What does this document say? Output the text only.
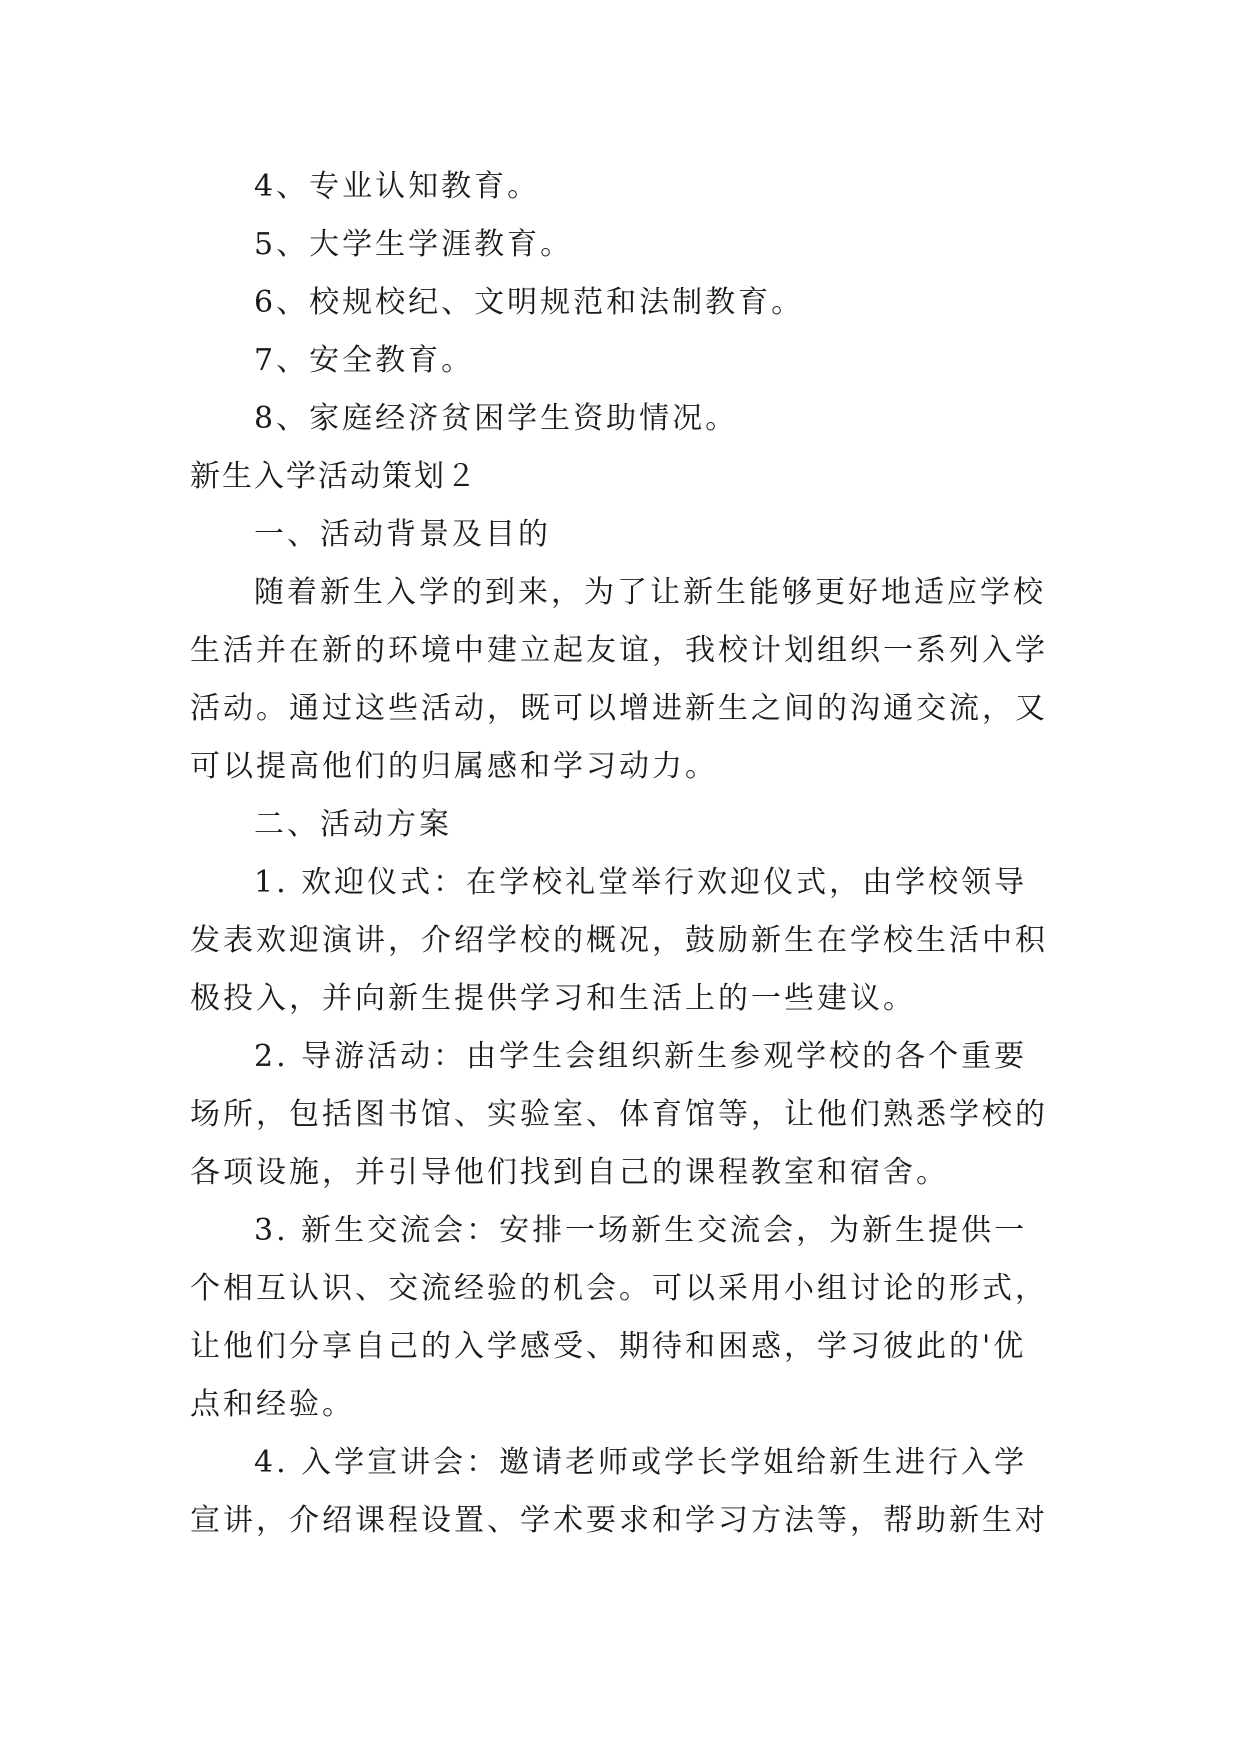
4、专业认知教育。
5、大学生学涯教育。
6、校规校纪、文明规范和法制教育。
7、安全教育。
8、家庭经济贫困学生资助情况。
新生入学活动策划２
一、活动背景及目的
随着新生入学的到来，为了让新生能够更好地适应学校
生活并在新的环境中建立起友谊，我校计划组织一系列入学
活动。通过这些活动，既可以增进新生之间的沟通交流，又
可以提高他们的归属感和学习动力。
二、活动方案
1. 欢迎仪式：在学校礼堂举行欢迎仪式，由学校领导
发表欢迎演讲，介绍学校的概况，鼓励新生在学校生活中积
极投入，并向新生提供学习和生活上的一些建议。
2. 导游活动：由学生会组织新生参观学校的各个重要
场所，包括图书馆、实验室、体育馆等，让他们熟悉学校的
各项设施，并引导他们找到自己的课程教室和宿舍。
3. 新生交流会：安排一场新生交流会，为新生提供一
个相互认识、交流经验的机会。可以采用小组讨论的形式，
让他们分享自己的入学感受、期待和困惑，学习彼此的'优
点和经验。
4. 入学宣讲会：邀请老师或学长学姐给新生进行入学
宣讲，介绍课程设置、学术要求和学习方法等，帮助新生对
